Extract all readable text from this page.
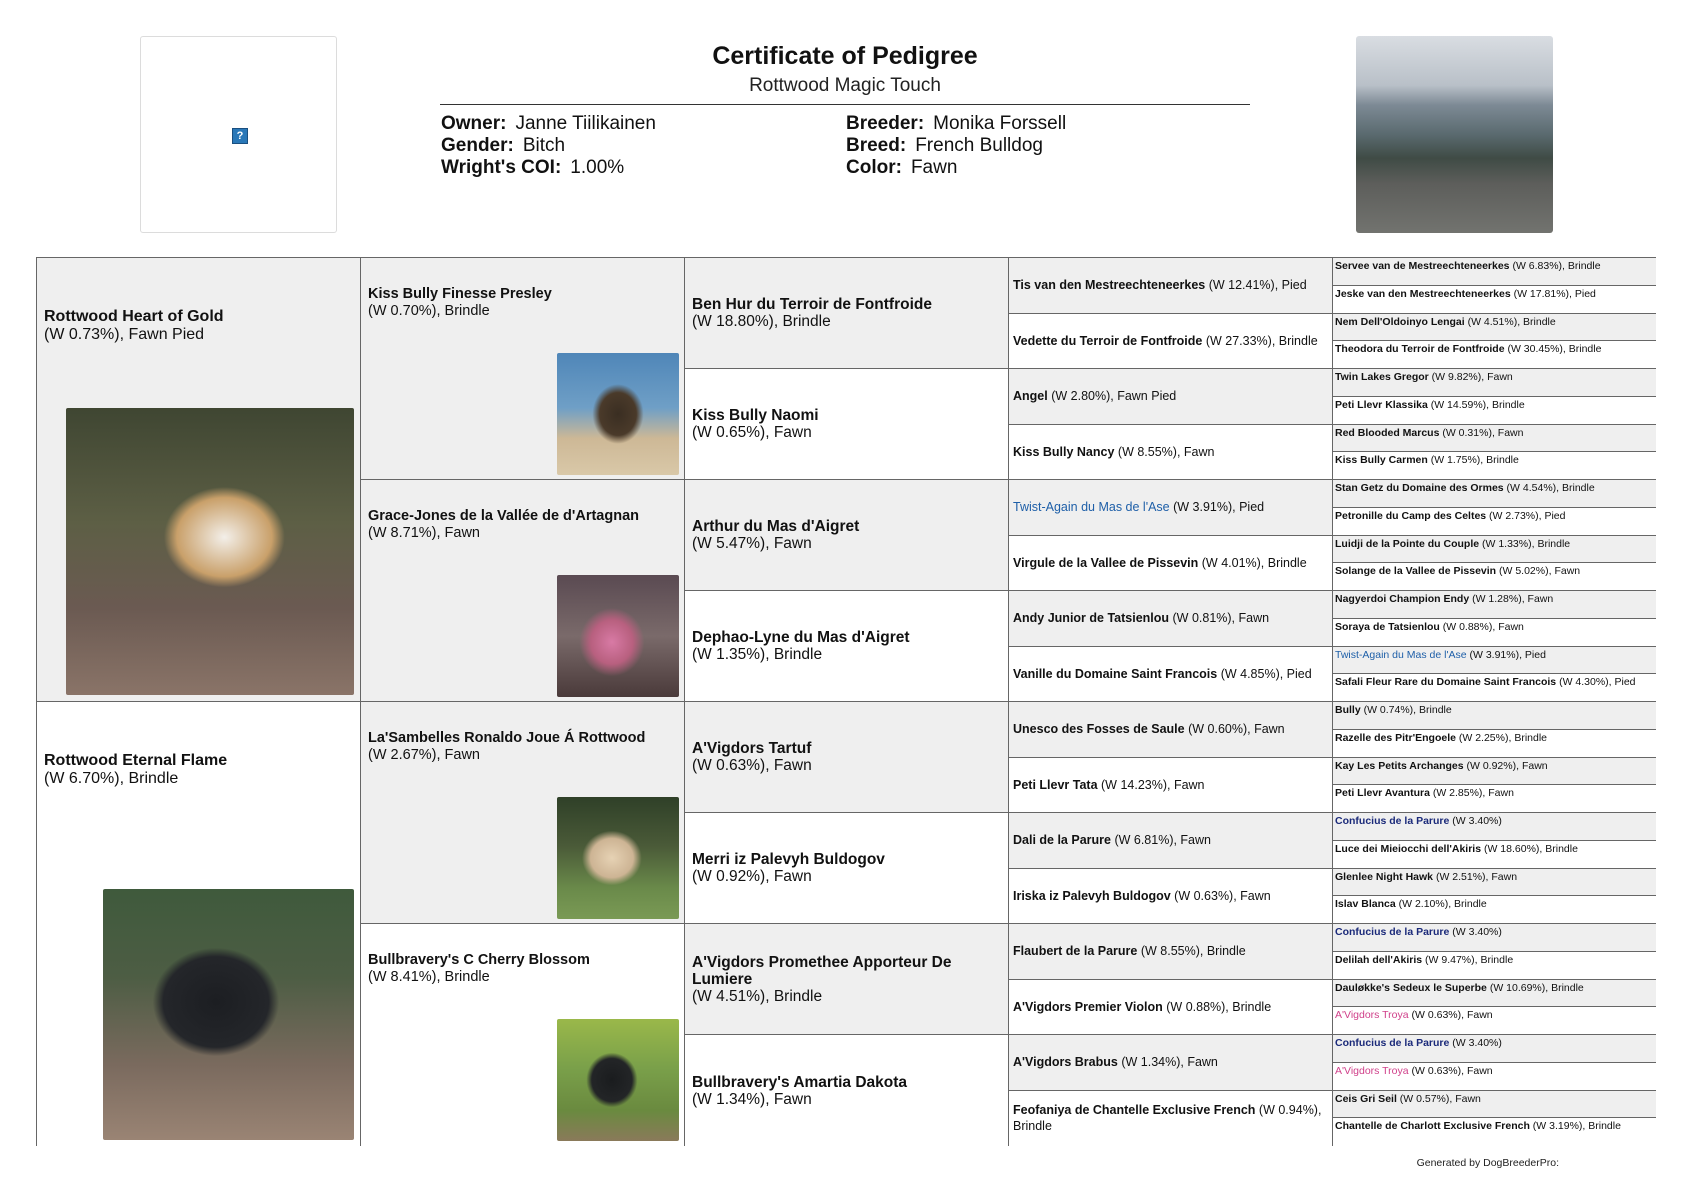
?
Certificate of Pedigree
Rottwood Magic Touch
Owner: Janne Tiilikainen
Gender: Bitch
Wright's COI: 1.00%
Breeder: Monika Forssell
Breed: French Bulldog
Color: Fawn
Rottwood Heart of Gold
(W 0.73%), Fawn Pied
Rottwood Eternal Flame
(W 6.70%), Brindle
Kiss Bully Finesse Presley
(W 0.70%), Brindle
Grace-Jones de la Vallée de d'Artagnan
(W 8.71%), Fawn
La'Sambelles Ronaldo Joue Á Rottwood
(W 2.67%), Fawn
Bullbravery's C Cherry Blossom
(W 8.41%), Brindle
Ben Hur du Terroir de Fontfroide
(W 18.80%), Brindle
Kiss Bully Naomi
(W 0.65%), Fawn
Arthur du Mas d'Aigret
(W 5.47%), Fawn
Dephao-Lyne du Mas d'Aigret
(W 1.35%), Brindle
A'Vigdors Tartuf
(W 0.63%), Fawn
Merri iz Palevyh Buldogov
(W 0.92%), Fawn
A'Vigdors Promethee Apporteur De Lumiere
(W 4.51%), Brindle
Bullbravery's Amartia Dakota
(W 1.34%), Fawn
Tis van den Mestreechteneerkes (W 12.41%), Pied
Vedette du Terroir de Fontfroide (W 27.33%), Brindle
Angel (W 2.80%), Fawn Pied
Kiss Bully Nancy (W 8.55%), Fawn
Twist-Again du Mas de l'Ase (W 3.91%), Pied
Virgule de la Vallee de Pissevin (W 4.01%), Brindle
Andy Junior de Tatsienlou (W 0.81%), Fawn
Vanille du Domaine Saint Francois (W 4.85%), Pied
Unesco des Fosses de Saule (W 0.60%), Fawn
Peti Llevr Tata (W 14.23%), Fawn
Dali de la Parure (W 6.81%), Fawn
Iriska iz Palevyh Buldogov (W 0.63%), Fawn
Flaubert de la Parure (W 8.55%), Brindle
A'Vigdors Premier Violon (W 0.88%), Brindle
A'Vigdors Brabus (W 1.34%), Fawn
Feofaniya de Chantelle Exclusive French (W 0.94%), Brindle
Servee van de Mestreechteneerkes (W 6.83%), Brindle
Jeske van den Mestreechteneerkes (W 17.81%), Pied
Nem Dell'Oldoinyo Lengai (W 4.51%), Brindle
Theodora du Terroir de Fontfroide (W 30.45%), Brindle
Twin Lakes Gregor (W 9.82%), Fawn
Peti Llevr Klassika (W 14.59%), Brindle
Red Blooded Marcus (W 0.31%), Fawn
Kiss Bully Carmen (W 1.75%), Brindle
Stan Getz du Domaine des Ormes (W 4.54%), Brindle
Petronille du Camp des Celtes (W 2.73%), Pied
Luidji de la Pointe du Couple (W 1.33%), Brindle
Solange de la Vallee de Pissevin (W 5.02%), Fawn
Nagyerdoi Champion Endy (W 1.28%), Fawn
Soraya de Tatsienlou (W 0.88%), Fawn
Twist-Again du Mas de l'Ase (W 3.91%), Pied
Safali Fleur Rare du Domaine Saint Francois (W 4.30%), Pied
Bully (W 0.74%), Brindle
Razelle des Pitr'Engoele (W 2.25%), Brindle
Kay Les Petits Archanges (W 0.92%), Fawn
Peti Llevr Avantura (W 2.85%), Fawn
Confucius de la Parure (W 3.40%)
Luce dei Mieiocchi dell'Akiris (W 18.60%), Brindle
Glenlee Night Hawk (W 2.51%), Fawn
Islav Blanca (W 2.10%), Brindle
Confucius de la Parure (W 3.40%)
Delilah dell'Akiris (W 9.47%), Brindle
Dauløkke's Sedeux le Superbe (W 10.69%), Brindle
A'Vigdors Troya (W 0.63%), Fawn
Confucius de la Parure (W 3.40%)
A'Vigdors Troya (W 0.63%), Fawn
Ceis Gri Seil (W 0.57%), Fawn
Chantelle de Charlott Exclusive French (W 3.19%), Brindle
Generated by DogBreederPro:
